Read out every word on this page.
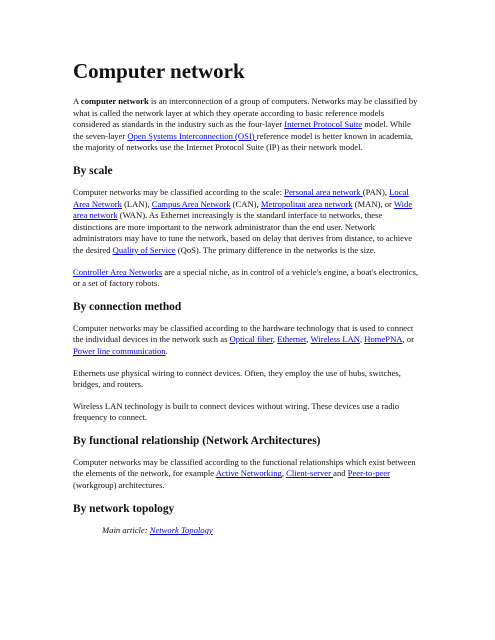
Computer network

A computer network is an interconnection of a group of computers. Networks may be classified by what is called the network layer at which they operate according to basic reference models considered as standards in the industry such as the four-layer Internet Protocol Suite model. While the seven-layer Open Systems Interconnection (OSI) reference model is better known in academia, the majority of networks use the Internet Protocol Suite (IP) as their network model.

By scale

Computer networks may be classified according to the scale: Personal area network (PAN), Local Area Network (LAN), Campus Area Network (CAN), Metropolitan area network (MAN), or Wide area network (WAN). As Ethernet increasingly is the standard interface to networks, these distinctions are more important to the network administrator than the end user. Network administrators may have to tune the network, based on delay that derives from distance, to achieve the desired Quality of Service (QoS). The primary difference in the networks is the size.

Controller Area Networks are a special niche, as in control of a vehicle's engine, a boat's electronics, or a set of factory robots.

By connection method

Computer networks may be classified according to the hardware technology that is used to connect the individual devices in the network such as Optical fiber, Ethernet, Wireless LAN, HomePNA, or Power line communication.

Ethernets use physical wiring to connect devices. Often, they employ the use of hubs, switches, bridges, and routers.

Wireless LAN technology is built to connect devices without wiring. These devices use a radio frequency to connect.

By functional relationship (Network Architectures)

Computer networks may be classified according to the functional relationships which exist between the elements of the network, for example Active Networking, Client-server and Peer-to-peer (workgroup) architectures.

By network topology

Main article: Network Topology
